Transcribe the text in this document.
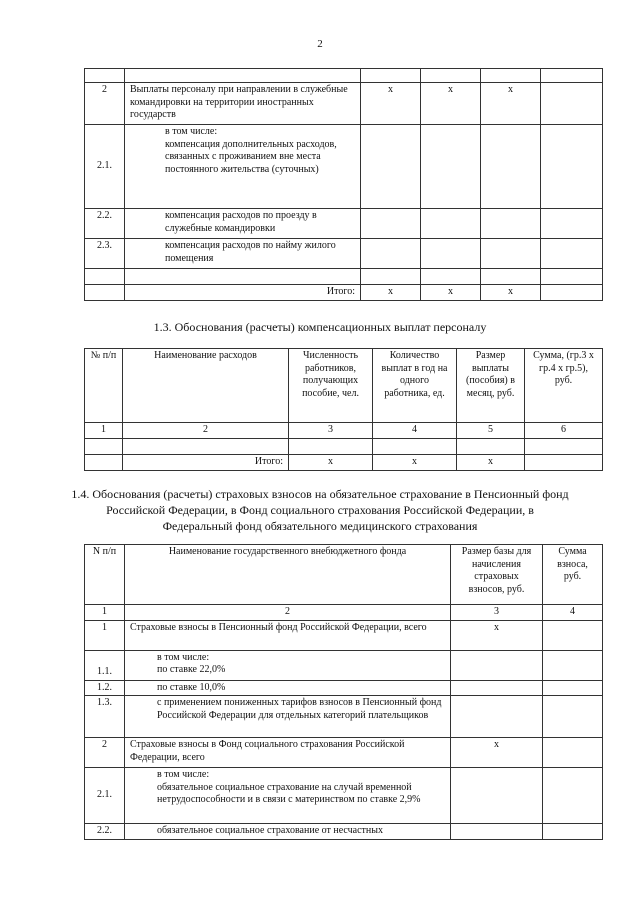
2

2	Выплаты персоналу при направлении в служебные командировки на территории иностранных государств	x	x	x	
2.1.	в том числе:
компенсация дополнительных расходов, связанных с проживанием вне места постоянного жительства (суточных)				

2.2.	компенсация расходов по проезду в служебные командировки				
2.3.	компенсация расходов по найму жилого помещения				

	Итого:	x	x	x	
1.3. Обоснования (расчеты) компенсационных выплат персоналу
№ п/п	Наименование расходов	Численность работников, получающих пособие, чел.	Количество выплат в год на одного работника, ед.	Размер выплаты (пособия) в месяц, руб.	Сумма, (гр.3 x гр.4 x гр.5), руб.
1	2	3	4	5	6

	Итого:	x	x	x	
1.4. Обоснования (расчеты) страховых взносов на обязательное страхование в Пенсионный фонд Российской Федерации, в Фонд социального страхования Российской Федерации, в Федеральный фонд обязательного медицинского страхования
N п/п	Наименование государственного внебюджетного фонда	Размер базы для начисления страховых взносов, руб.	Сумма взноса, руб.
1	2	3	4
1	Страховые взносы в Пенсионный фонд Российской Федерации, всего	x	
1.1.	в том числе:
по ставке 22,0%		

1.2.	по ставке 10,0%		
1.3.	с применением пониженных тарифов взносов в Пенсионный фонд Российской Федерации для отдельных категорий плательщиков		
2	Страховые взносы в Фонд социального страхования Российской Федерации, всего	x	
2.1.	в том числе:
обязательное социальное страхование на случай временной нетрудоспособности и в связи с материнством по ставке 2,9%		

2.2.	обязательное социальное страхование от несчастных		
